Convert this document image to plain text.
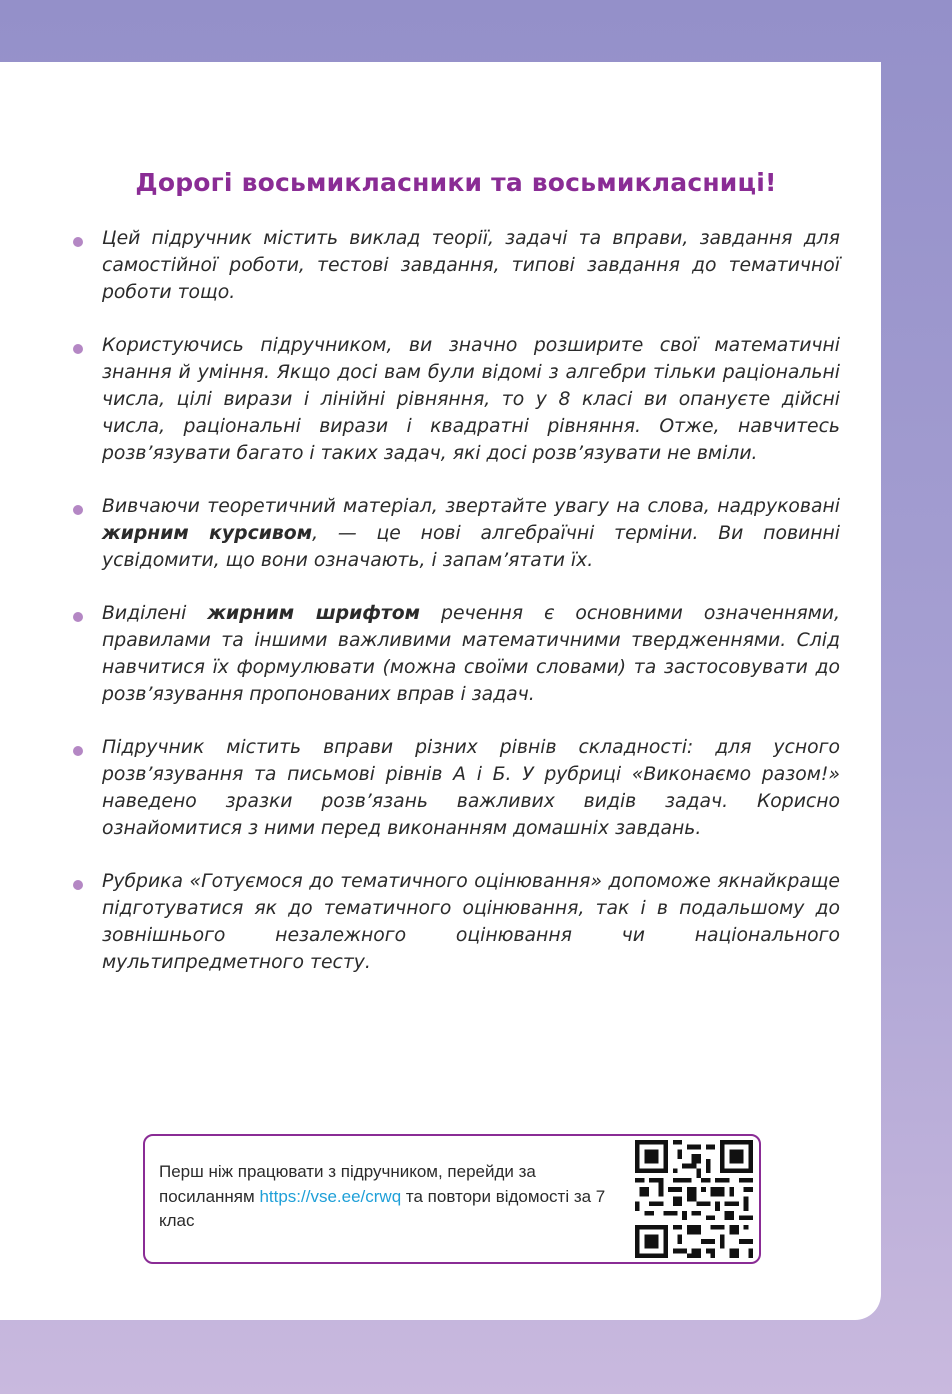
Дорогі восьмикласники та восьмикласниці!

Цей підручник містить виклад теорії, задачі та вправи, завдання для самостійної роботи, тестові завдання, типові завдання до тематичної роботи тощо.

Користуючись підручником, ви значно розширите свої математичні знання й уміння. Якщо досі вам були відомі з алгебри тільки раціональні числа, цілі вирази і лінійні рівняння, то у 8 класі ви опануєте дійсні числа, раціональні вирази і квадратні рівняння. Отже, навчитесь розв’язувати багато і таких задач, які досі розв’язувати не вміли.

Вивчаючи теоретичний матеріал, звертайте увагу на слова, надруковані жирним курсивом, — це нові алгебраїчні терміни. Ви повинні усвідомити, що вони означають, і запам’ятати їх.

Виділені жирним шрифтом речення є основними означеннями, правилами та іншими важливими математичними твердженнями. Слід навчитися їх формулювати (можна своїми словами) та застосовувати до розв’язування пропонованих вправ і задач.

Підручник містить вправи різних рівнів складності: для усного розв’язування та письмові рівнів А і Б. У рубриці «Виконаємо разом!» наведено зразки розв’язань важливих видів задач. Корисно ознайомитися з ними перед виконанням домашніх завдань.

Рубрика «Готуємося до тематичного оцінювання» допоможе якнайкраще підготуватися як до тематичного оцінювання, так і в подальшому до зовнішнього незалежного оцінювання чи національного мультипредметного тесту.

Перш ніж працювати з підручником, перейди за посиланням https://vse.ee/crwq та повтори відомості за 7 клас
